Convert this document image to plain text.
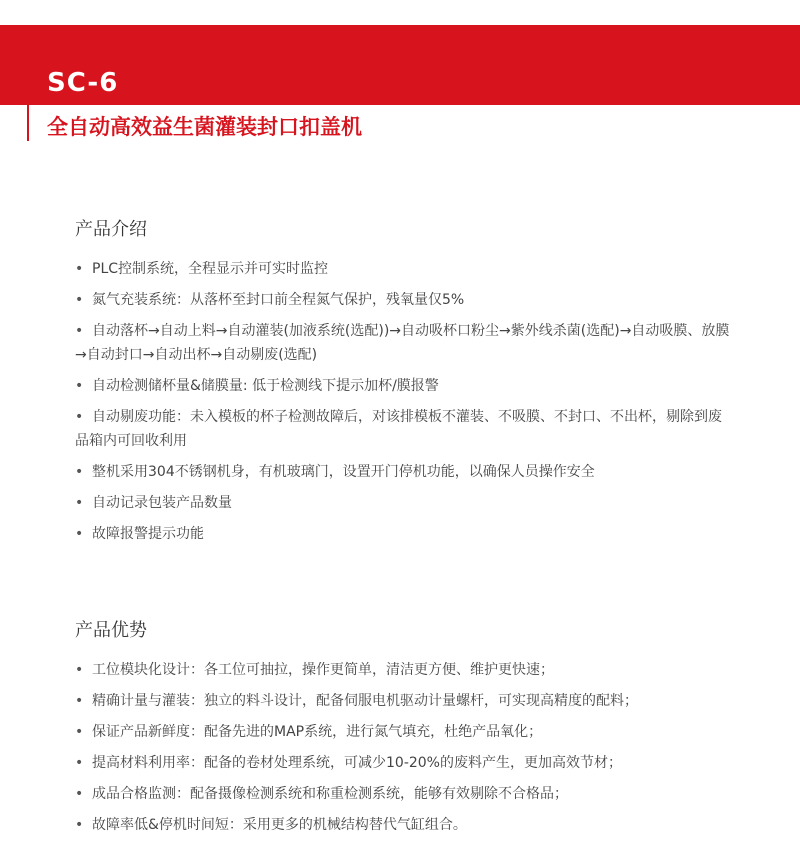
SC-6
全自动高效益生菌灌装封口扣盖机
产品介绍
• PLC控制系统，全程显示并可实时监控
• 氮气充装系统：从落杯至封口前全程氮气保护，残氧量仅5%
• 自动落杯→自动上料→自动灌装(加液系统(选配))→自动吸杯口粉尘→紫外线杀菌(选配)→自动吸膜、放膜→自动封口→自动出杯→自动剔废(选配)
• 自动检测储杯量&储膜量: 低于检测线下提示加杯/膜报警
• 自动剔废功能：未入模板的杯子检测故障后，对该排模板不灌装、不吸膜、不封口、不出杯，剔除到废品箱内可回收利用
• 整机采用304不锈钢机身，有机玻璃门，设置开门停机功能，以确保人员操作安全
• 自动记录包装产品数量
• 故障报警提示功能
产品优势
• 工位模块化设计：各工位可抽拉，操作更简单，清洁更方便、维护更快速；
• 精确计量与灌装：独立的料斗设计，配备伺服电机驱动计量螺杆，可实现高精度的配料；
• 保证产品新鲜度：配备先进的MAP系统，进行氮气填充，杜绝产品氧化；
• 提高材料利用率：配备的卷材处理系统，可减少10-20%的废料产生，更加高效节材；
• 成品合格监测：配备摄像检测系统和称重检测系统，能够有效剔除不合格品；
• 故障率低&停机时间短：采用更多的机械结构替代气缸组合。
